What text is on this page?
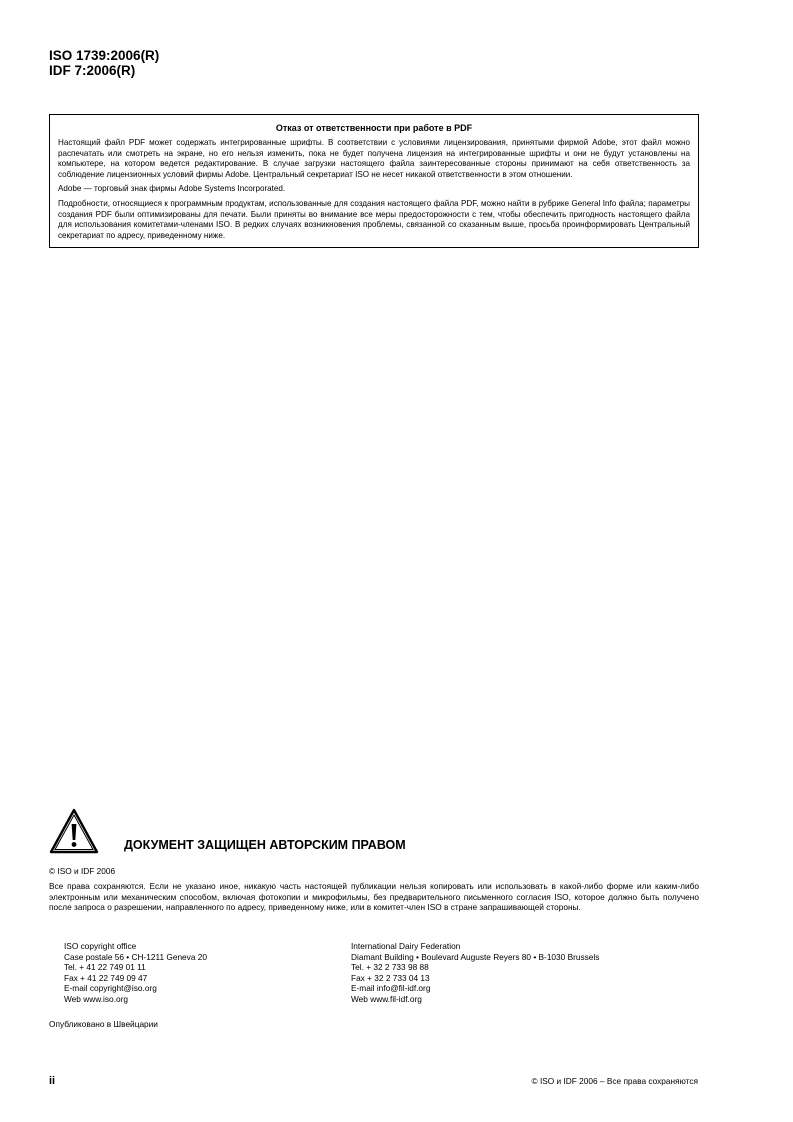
ISO 1739:2006(R)
IDF 7:2006(R)
Отказ от ответственности при работе в PDF

Настоящий файл PDF может содержать интегрированные шрифты. В соответствии с условиями лицензирования, принятыми фирмой Adobe, этот файл можно распечатать или смотреть на экране, но его нельзя изменить, пока не будет получена лицензия на интегрированные шрифты и они не будут установлены на компьютере, на котором ведется редактирование. В случае загрузки настоящего файла заинтересованные стороны принимают на себя ответственность за соблюдение лицензионных условий фирмы Adobe. Центральный секретариат ISO не несет никакой ответственности в этом отношении.

Adobe — торговый знак фирмы Adobe Systems Incorporated.

Подробности, относящиеся к программным продуктам, использованные для создания настоящего файла PDF, можно найти в рубрике General Info файла; параметры создания PDF были оптимизированы для печати. Были приняты во внимание все меры предосторожности с тем, чтобы обеспечить пригодность настоящего файла для использования комитетами-членами ISO. В редких случаях возникновения проблемы, связанной со сказанным выше, просьба проинформировать Центральный секретариат по адресу, приведенному ниже.

ДОКУМЕНТ ЗАЩИЩЕН АВТОРСКИМ ПРАВОМ
© ISO и IDF 2006

Все права сохраняются. Если не указано иное, никакую часть настоящей публикации нельзя копировать или использовать в какой-либо форме или каким-либо электронным или механическим способом, включая фотокопии и микрофильмы, без предварительного письменного согласия ISO, которое должно быть получено после запроса о разрешении, направленного по адресу, приведенному ниже, или в комитет-член ISO в стране запрашивающей стороны.

ISO copyright office
Case postale 56 • CH-1211 Geneva 20
Tel. + 41 22 749 01 11
Fax + 41 22 749 09 47
E-mail copyright@iso.org
Web www.iso.org
International Dairy Federation
Diamant Building • Boulevard Auguste Reyers 80 • B-1030 Brussels
Tel. + 32 2 733 98 88
Fax + 32 2 733 04 13
E-mail info@fil-idf.org
Web www.fil-idf.org
Опубликовано в Швейцарии
ii	© ISO и IDF 2006 – Все права сохраняются
